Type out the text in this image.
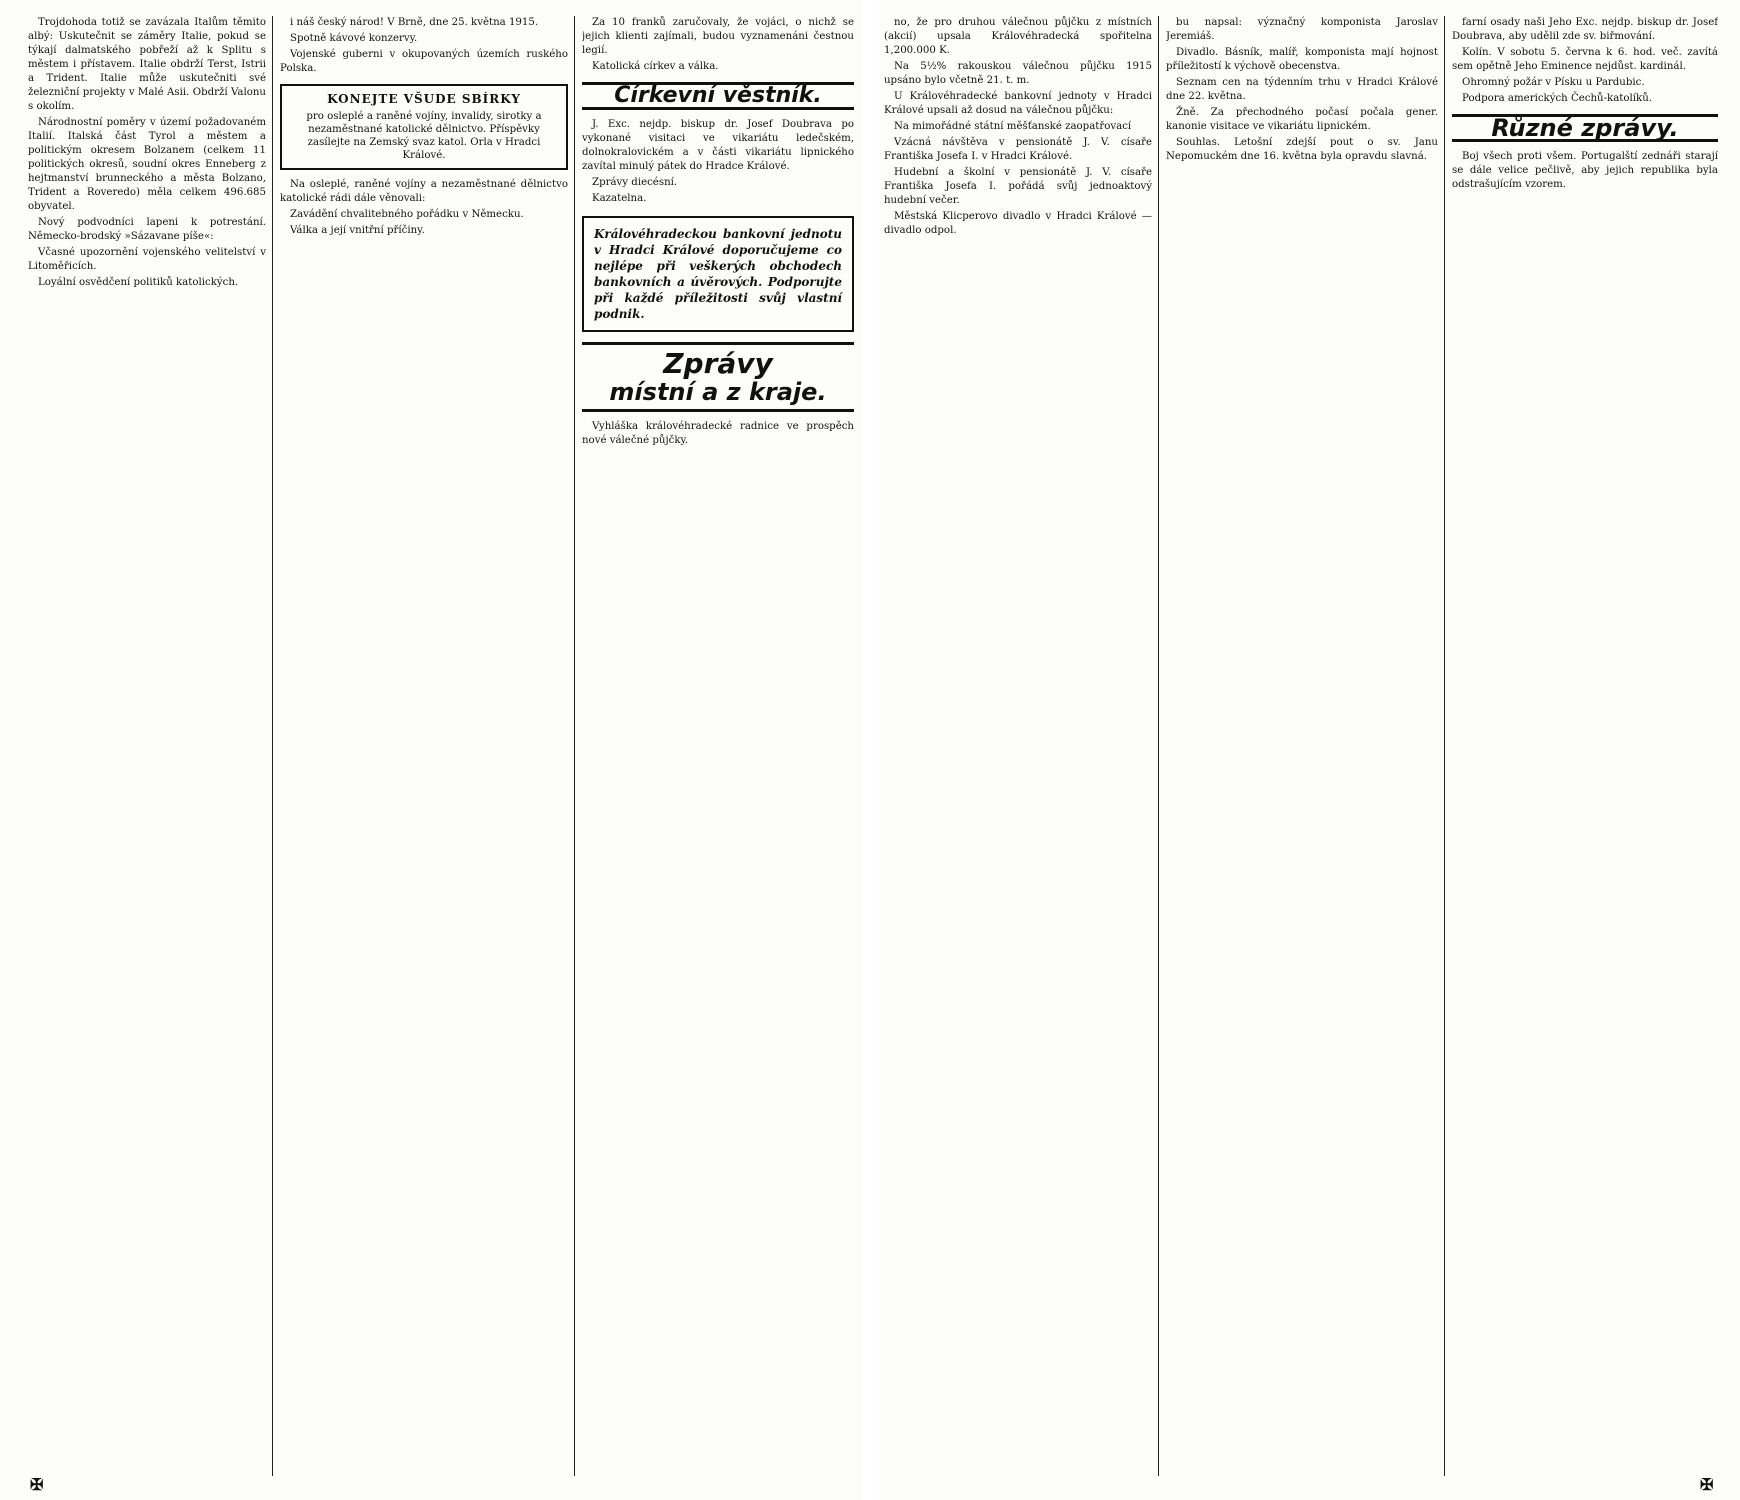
Trojdohoda totiž se zavázala Italům těmito albý: Uskutečnit se záměry Italie, pokud se týkají dalmatského pobřeží až k Splitu s městem i přístavem. Italie obdrží Terst, Istrii a Trident. Italie může uskutečniti své železniční projekty v Malé Asii. Obdrží Valonu s okolím.

Národnostní poměry v území požadovaném Italií. Italská část Tyrol a městem a politickým okresem Bolzanem (celkem 11 politických okresů, soudní okres Enneberg z hejtmanství brunneckého a města Bolzano, Trident a Roveredo) měla celkem 496.685 obyvatel.

Nový podvodníci lapeni k potrestání. Německo-brodský »Sázavane píše«:

Včasné upozornění vojenského velitelství v Litoměřicích.

Loyální osvědčení politiků katolických.

i náš český národ! V Brně, dne 25. května 1915.

Spotně kávové konzervy.

Vojenské guberni v okupovaných územích ruského Polska.

KONEJTE VŠUDE SBÍRKY
pro osleplé a raněné vojíny, invalidy, sirotky a nezaměstnané katolické dělnictvo. Příspěvky zasílejte na Zemský svaz katol. Orla v Hradci Králové.

Na osleplé, raněné vojíny a nezaměstnané dělnictvo katolické rádi dále věnovali:

Zavádění chvalitebného pořádku v Německu.

Válka a její vnitřní příčiny.

Za 10 franků zaručovaly, že vojáci, o nichž se jejich klienti zajímali, budou vyznamenáni čestnou legií.

Katolická církev a válka.

Církevní věstník.

J. Exc. nejdp. biskup dr. Josef Doubrava po vykonané visitaci ve vikariátu ledečském, dolnokralovickém a v části vikariátu lipnického zavítal minulý pátek do Hradce Králové.

Zprávy diecésní.

Kazatelna.

Královéhradeckou bankovní jednotu v Hradci Králové doporučujeme co nejlépe při veškerých obchodech bankovních a úvěrových. Podporujte při každé příležitosti svůj vlastní podnik.
Zprávy
místní a z kraje.

Vyhláška královéhradecké radnice ve prospěch nové válečné půjčky.

no, že pro druhou válečnou půjčku z místních (akcií) upsala Královéhradecká spořitelna 1,200.000 K.

Na 5½% rakouskou válečnou půjčku 1915 upsáno bylo včetně 21. t. m.

U Královéhradecké bankovní jednoty v Hradci Králové upsali až dosud na válečnou půjčku:

Na mimořádné státní měšťanské zaopatřovací

Vzácná návštěva v pensionátě J. V. císaře Františka Josefa I. v Hradci Králové.

Hudební a školní v pensionátě J. V. císaře Františka Josefa I. pořádá svůj jednoaktový hudební večer.

Městská Klicperovo divadlo v Hradci Králové — divadlo odpol.

bu napsal: význačný komponista Jaroslav Jeremiáš.

Divadlo. Básník, malíř, komponista mají hojnost příležitostí k výchově obecenstva.

Seznam cen na týdenním trhu v Hradci Králové dne 22. května.

Žně. Za přechodného počasí počala gener. kanonie visitace ve vikariátu lipnickém.

Souhlas. Letošní zdejší pout o sv. Janu Nepomuckém dne 16. května byla opravdu slavná.

farní osady naši Jeho Exc. nejdp. biskup dr. Josef Doubrava, aby udělil zde sv. biřmování.

Kolín. V sobotu 5. června k 6. hod. več. zavítá sem opětně Jeho Eminence nejdůst. kardinál.

Ohromný požár v Písku u Pardubic.

Podpora amerických Čechů-katolíků.

Různé zprávy.

Boj všech proti všem. Portugalští zednáři starají se dále velice pečlivě, aby jejich republika byla odstrašujícím vzorem.

✠	✠
